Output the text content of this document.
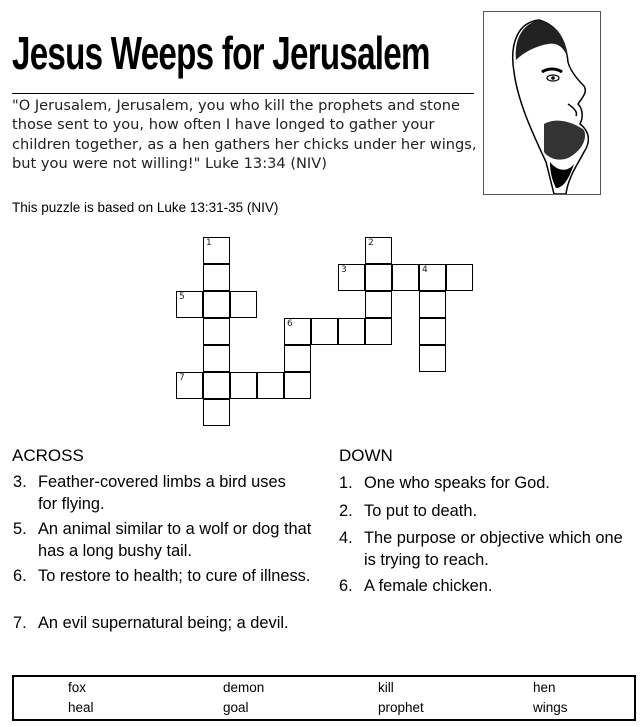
Jesus Weeps for Jerusalem
"O Jerusalem, Jerusalem, you who kill the prophets and stone those sent to you, how often I have longed to gather your children together, as a hen gathers her chicks under her wings, but you were not willing!" Luke 13:34 (NIV)
This puzzle is based on Luke 13:31-35 (NIV)
1	2
3	4
5
6
7
ACROSS
3. Feather-covered limbs a bird uses for flying.
5. An animal similar to a wolf or dog that has a long bushy tail.
6. To restore to health; to cure of illness.
7. An evil supernatural being; a devil.
DOWN
1. One who speaks for God.
2. To put to death.
4. The purpose or objective which one is trying to reach.
6. A female chicken.
fox	demon	kill	hen
heal	goal	prophet	wings
